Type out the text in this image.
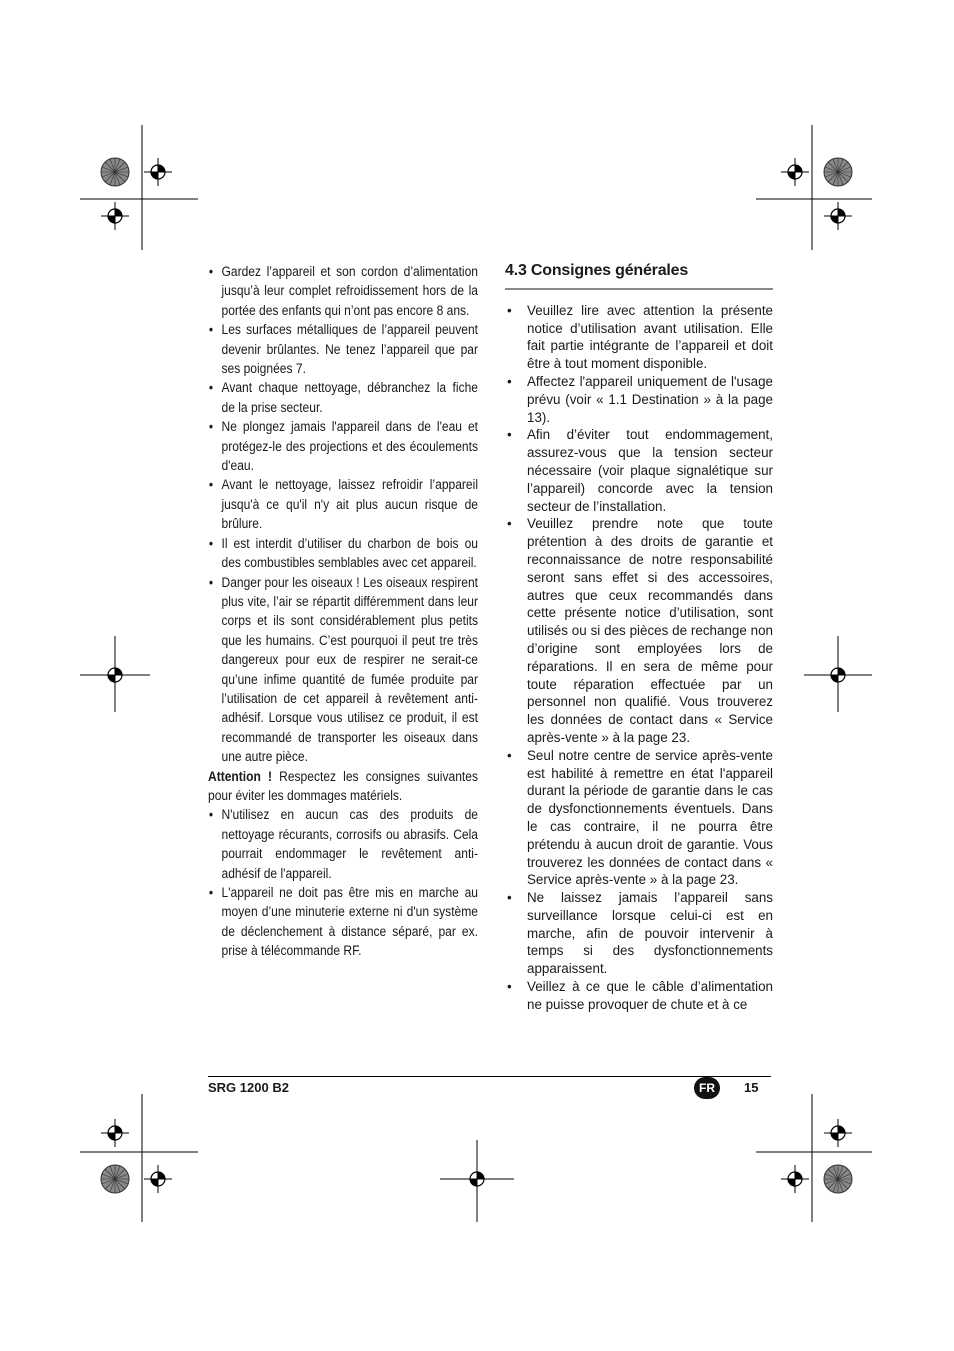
• Gardez l’appareil et son cordon d’alimentation jusqu’à leur complet refroidissement hors de la portée des enfants qui n’ont pas encore 8 ans.
• Les surfaces métalliques de l’appareil peuvent devenir brûlantes. Ne tenez l’appareil que par ses poignées 7.
• Avant chaque nettoyage, débranchez la fiche de la prise secteur.
• Ne plongez jamais l'appareil dans de l'eau et protégez-le des projections et des écoulements d'eau.
• Avant le nettoyage, laissez refroidir l’appareil jusqu'à ce qu'il n'y ait plus aucun risque de brûlure.
• Il est interdit d’utiliser du charbon de bois ou des combustibles semblables avec cet appareil.
• Danger pour les oiseaux ! Les oiseaux respirent plus vite, l’air se répartit différemment dans leur corps et ils sont considérablement plus petits que les humains. C’est pourquoi il peut tre très dangereux pour eux de respirer ne serait-ce qu’une infime quantité de fumée produite par l’utilisation de cet appareil à revêtement anti-adhésif. Lorsque vous utilisez ce produit, il est recommandé de transporter les oiseaux dans une autre pièce.

Attention ! Respectez les consignes suivantes pour éviter les dommages matériels.

• N'utilisez en aucun cas des produits de nettoyage récurants, corrosifs ou abrasifs. Cela pourrait endommager le revêtement anti-adhésif de l'appareil.
• L'appareil ne doit pas être mis en marche au moyen d’une minuterie externe ni d'un système de déclenchement à distance séparé, par ex. prise à télécommande RF.
4.3 Consignes générales
• Veuillez lire avec attention la présente notice d’utilisation avant utilisation. Elle fait partie intégrante de l’appareil et doit être à tout moment disponible.
• Affectez l'appareil uniquement de l'usage prévu (voir « 1.1 Destination » à la page 13).
• Afin d’éviter tout endommagement, assurez-vous que la tension secteur nécessaire (voir plaque signalétique sur l’appareil) concorde avec la tension secteur de l’installation.
• Veuillez prendre note que toute prétention à des droits de garantie et reconnaissance de notre responsabilité seront sans effet si des accessoires, autres que ceux recommandés dans cette présente notice d’utilisation, sont utilisés ou si des pièces de rechange non d’origine sont employées lors de réparations. Il en sera de même pour toute réparation effectuée par un personnel non qualifié. Vous trouverez les données de contact dans « Service après-vente » à la page 23.
• Seul notre centre de service après-vente est habilité à remettre en état l'appareil durant la période de garantie dans le cas de dysfonctionnements éventuels. Dans le cas contraire, il ne pourra être prétendu à aucun droit de garantie. Vous trouverez les données de contact dans « Service après-vente » à la page 23.
• Ne laissez jamais l’appareil sans surveillance lorsque celui-ci est en marche, afin de pouvoir intervenir à temps si des dysfonctionnements apparaissent.
• Veillez à ce que le câble d’alimentation ne puisse provoquer de chute et à ce
SRG 1200 B2	FR	15
